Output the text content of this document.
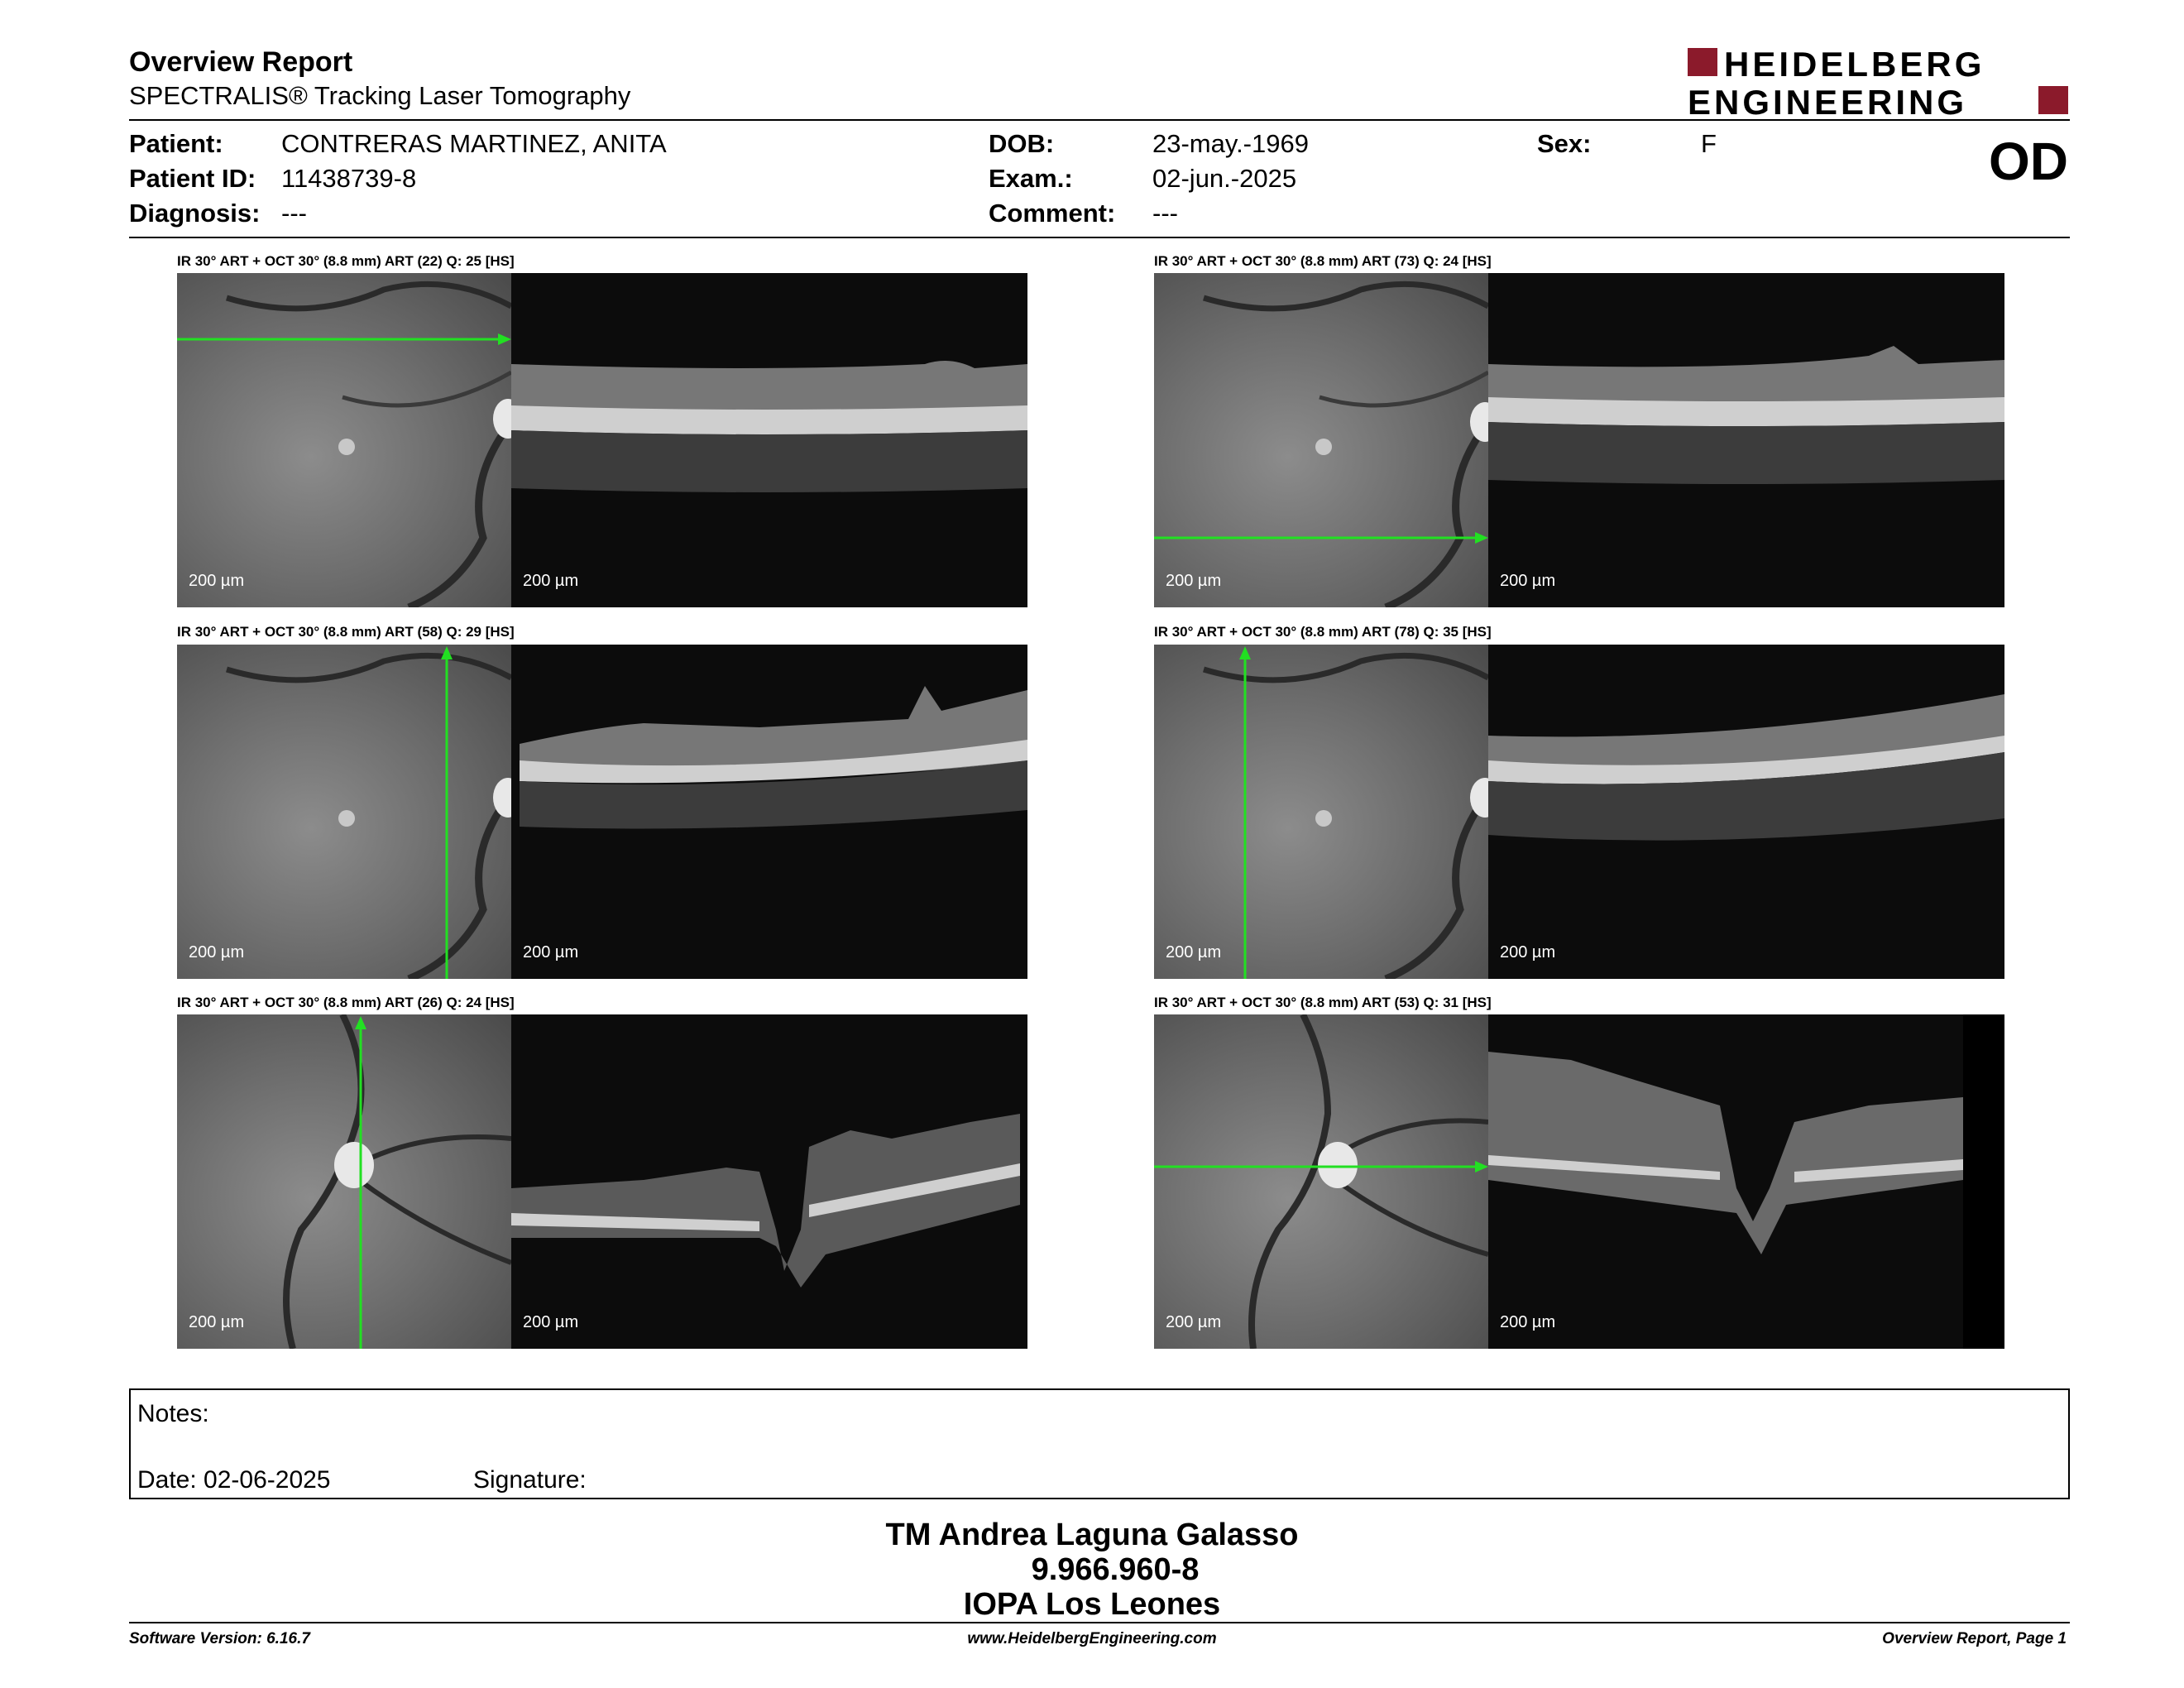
Overview Report
SPECTRALIS® Tracking Laser Tomography
HEIDELBERG
ENGINEERING
Patient: CONTRERAS MARTINEZ, ANITA
Patient ID: 11438739-8
Diagnosis: ---
DOB:	23-may.-1969
Exam.:	02-jun.-2025
Comment: ---
Sex:	F	OD
IR 30° ART + OCT 30° (8.8 mm) ART (22) Q: 25 [HS]
200 µm	200 µm
IR 30° ART + OCT 30° (8.8 mm) ART (73) Q: 24 [HS]
200 µm	200 µm
IR 30° ART + OCT 30° (8.8 mm) ART (58) Q: 29 [HS]
200 µm	200 µm
IR 30° ART + OCT 30° (8.8 mm) ART (78) Q: 35 [HS]
200 µm	200 µm
IR 30° ART + OCT 30° (8.8 mm) ART (26) Q: 24 [HS]
200 µm	200 µm
IR 30° ART + OCT 30° (8.8 mm) ART (53) Q: 31 [HS]
200 µm	200 µm
Notes:
Date: 02-06-2025	Signature:
TM Andrea Laguna Galasso
9.966.960-8
IOPA Los Leones
Software Version: 6.16.7	www.HeidelbergEngineering.com	Overview Report, Page 1
